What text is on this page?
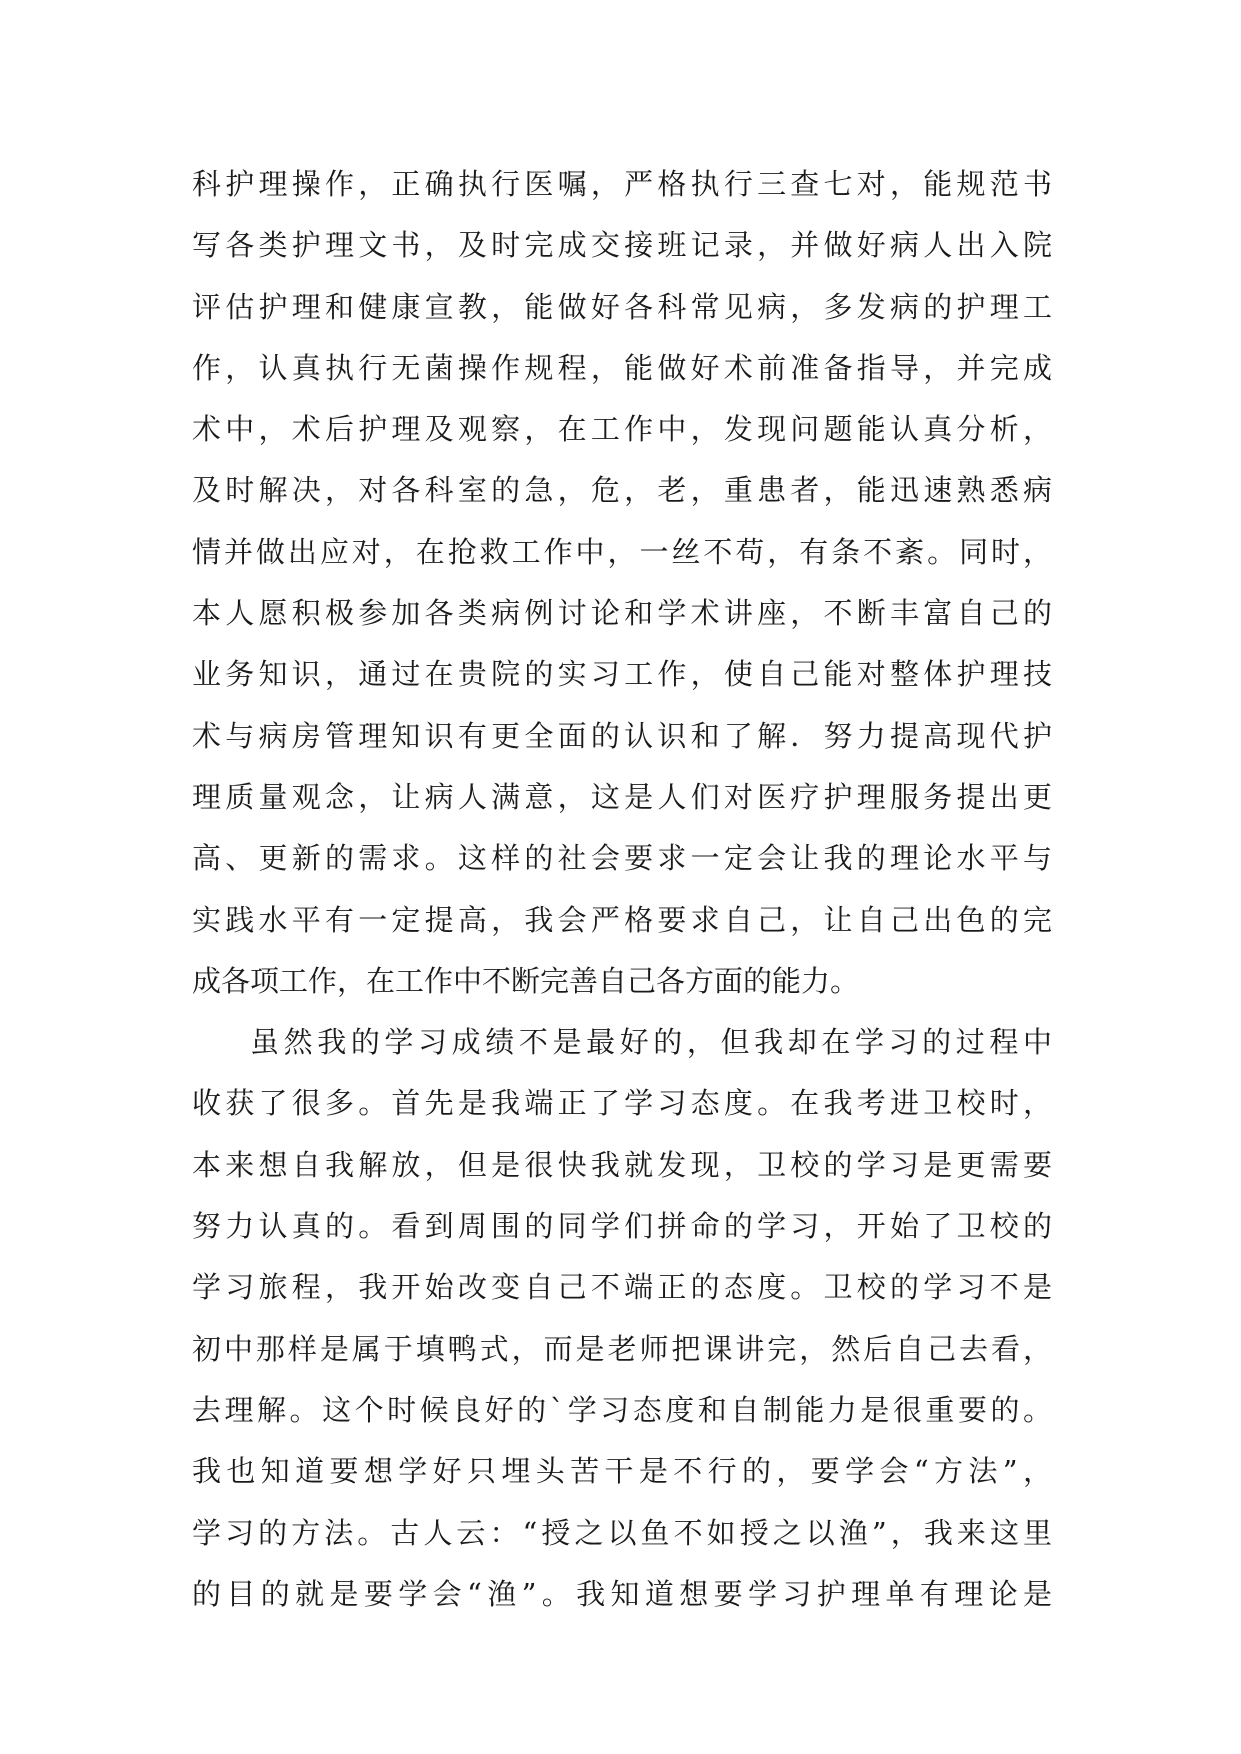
科护理操作，正确执行医嘱，严格执行三查七对，能规范书
写各类护理文书，及时完成交接班记录，并做好病人出入院
评估护理和健康宣教，能做好各科常见病，多发病的护理工
作，认真执行无菌操作规程，能做好术前准备指导，并完成
术中，术后护理及观察，在工作中，发现问题能认真分析，
及时解决，对各科室的急，危，老，重患者，能迅速熟悉病
情并做出应对，在抢救工作中，一丝不苟，有条不紊。同时，
本人愿积极参加各类病例讨论和学术讲座，不断丰富自己的
业务知识，通过在贵院的实习工作，使自己能对整体护理技
术与病房管理知识有更全面的认识和了解．努力提高现代护
理质量观念，让病人满意，这是人们对医疗护理服务提出更
高、更新的需求。这样的社会要求一定会让我的理论水平与
实践水平有一定提高，我会严格要求自己，让自己出色的完
成各项工作，在工作中不断完善自己各方面的能力。
虽然我的学习成绩不是最好的，但我却在学习的过程中
收获了很多。首先是我端正了学习态度。在我考进卫校时，
本来想自我解放，但是很快我就发现，卫校的学习是更需要
努力认真的。看到周围的同学们拼命的学习，开始了卫校的
学习旅程，我开始改变自己不端正的态度。卫校的学习不是
初中那样是属于填鸭式，而是老师把课讲完，然后自己去看，
去理解。这个时候良好的`学习态度和自制能力是很重要的。
我也知道要想学好只埋头苦干是不行的，要学会“方法”，
学习的方法。古人云：“授之以鱼不如授之以渔”，我来这里
的目的就是要学会“渔”。我知道想要学习护理单有理论是
